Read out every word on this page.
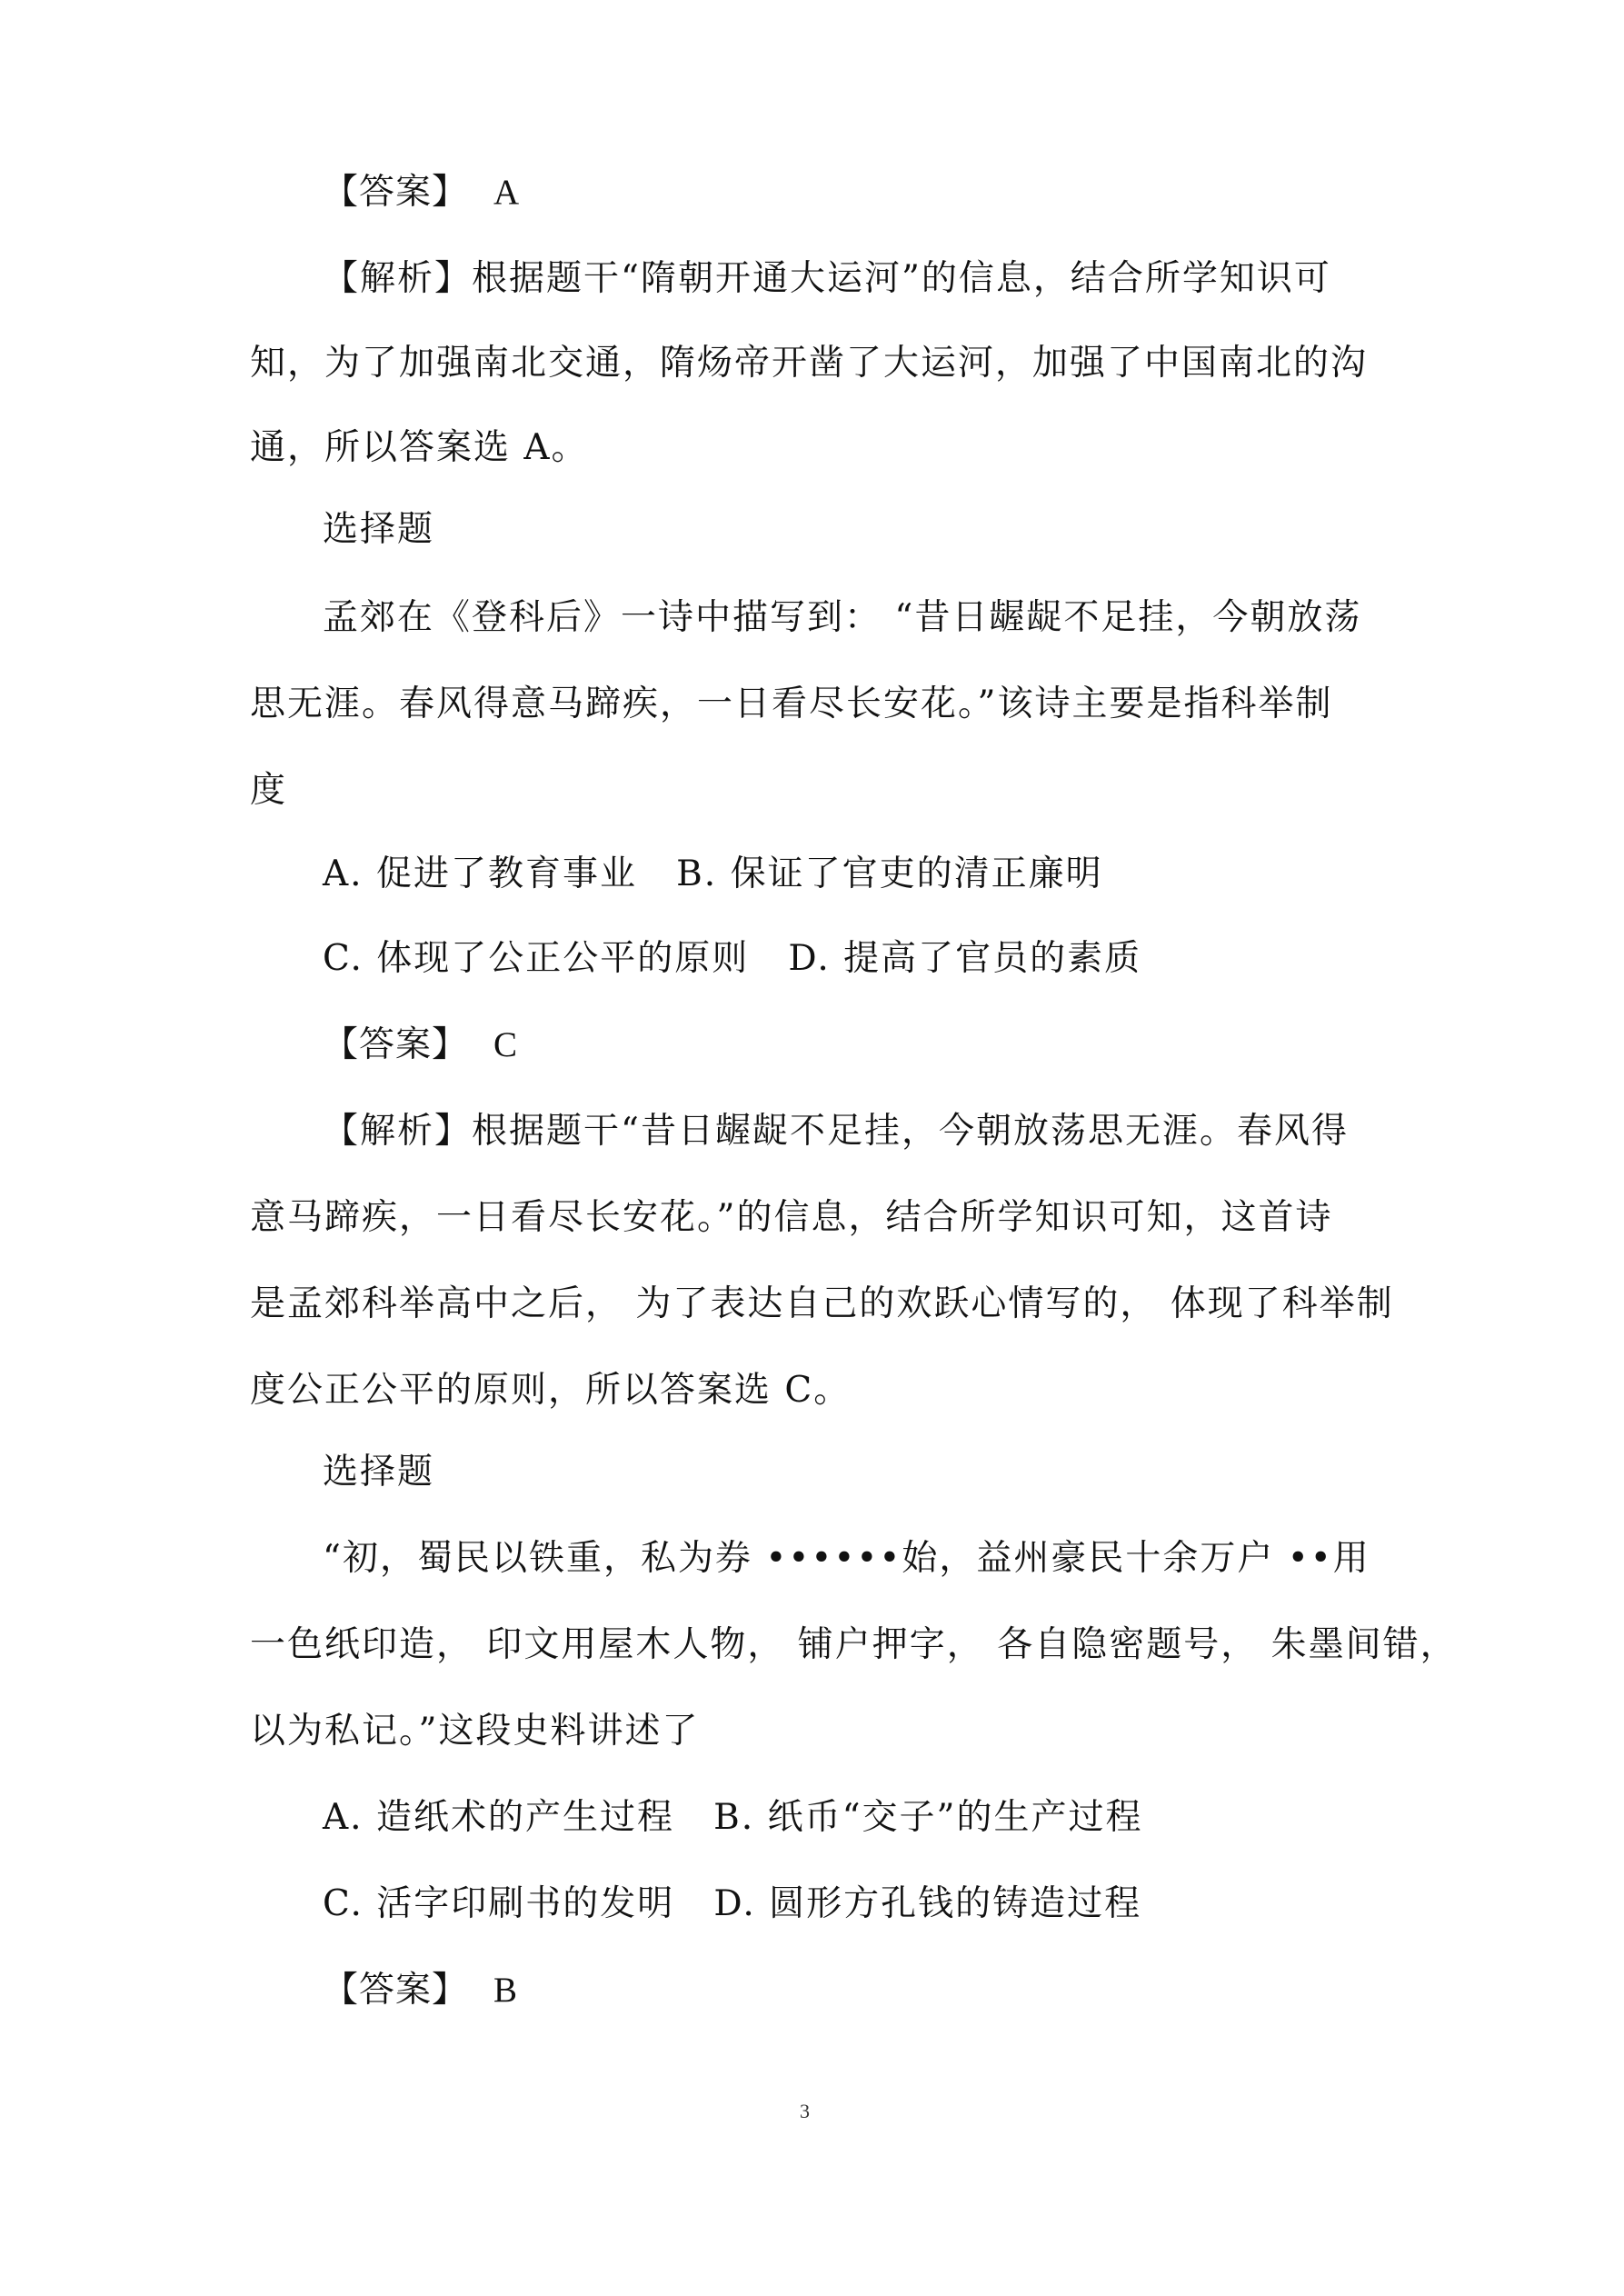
【答案】 A
【解析】根据题干“隋朝开通大运河”的信息，结合所学知识可
知，为了加强南北交通，隋炀帝开凿了大运河，加强了中国南北的沟
通，所以答案选 A。
选择题
孟郊在《登科后》一诗中描写到： “昔日龌龊不足挂，今朝放荡
思无涯。春风得意马蹄疾，一日看尽长安花。”该诗主要是指科举制
度
A. 促进了教育事业   B. 保证了官吏的清正廉明
C. 体现了公正公平的原则   D. 提高了官员的素质
【答案】 C
【解析】根据题干“昔日龌龊不足挂，今朝放荡思无涯。春风得
意马蹄疾，一日看尽长安花。”的信息，结合所学知识可知，这首诗
是孟郊科举高中之后， 为了表达自己的欢跃心情写的， 体现了科举制
度公正公平的原则，所以答案选 C。
选择题
“初，蜀民以铁重，私为券 ••••••始，益州豪民十余万户 ••用
一色纸印造， 印文用屋木人物， 铺户押字， 各自隐密题号， 朱墨间错，
以为私记。”这段史料讲述了
A. 造纸术的产生过程   B. 纸币“交子”的生产过程
C. 活字印刷书的发明   D. 圆形方孔钱的铸造过程
【答案】 B
3
